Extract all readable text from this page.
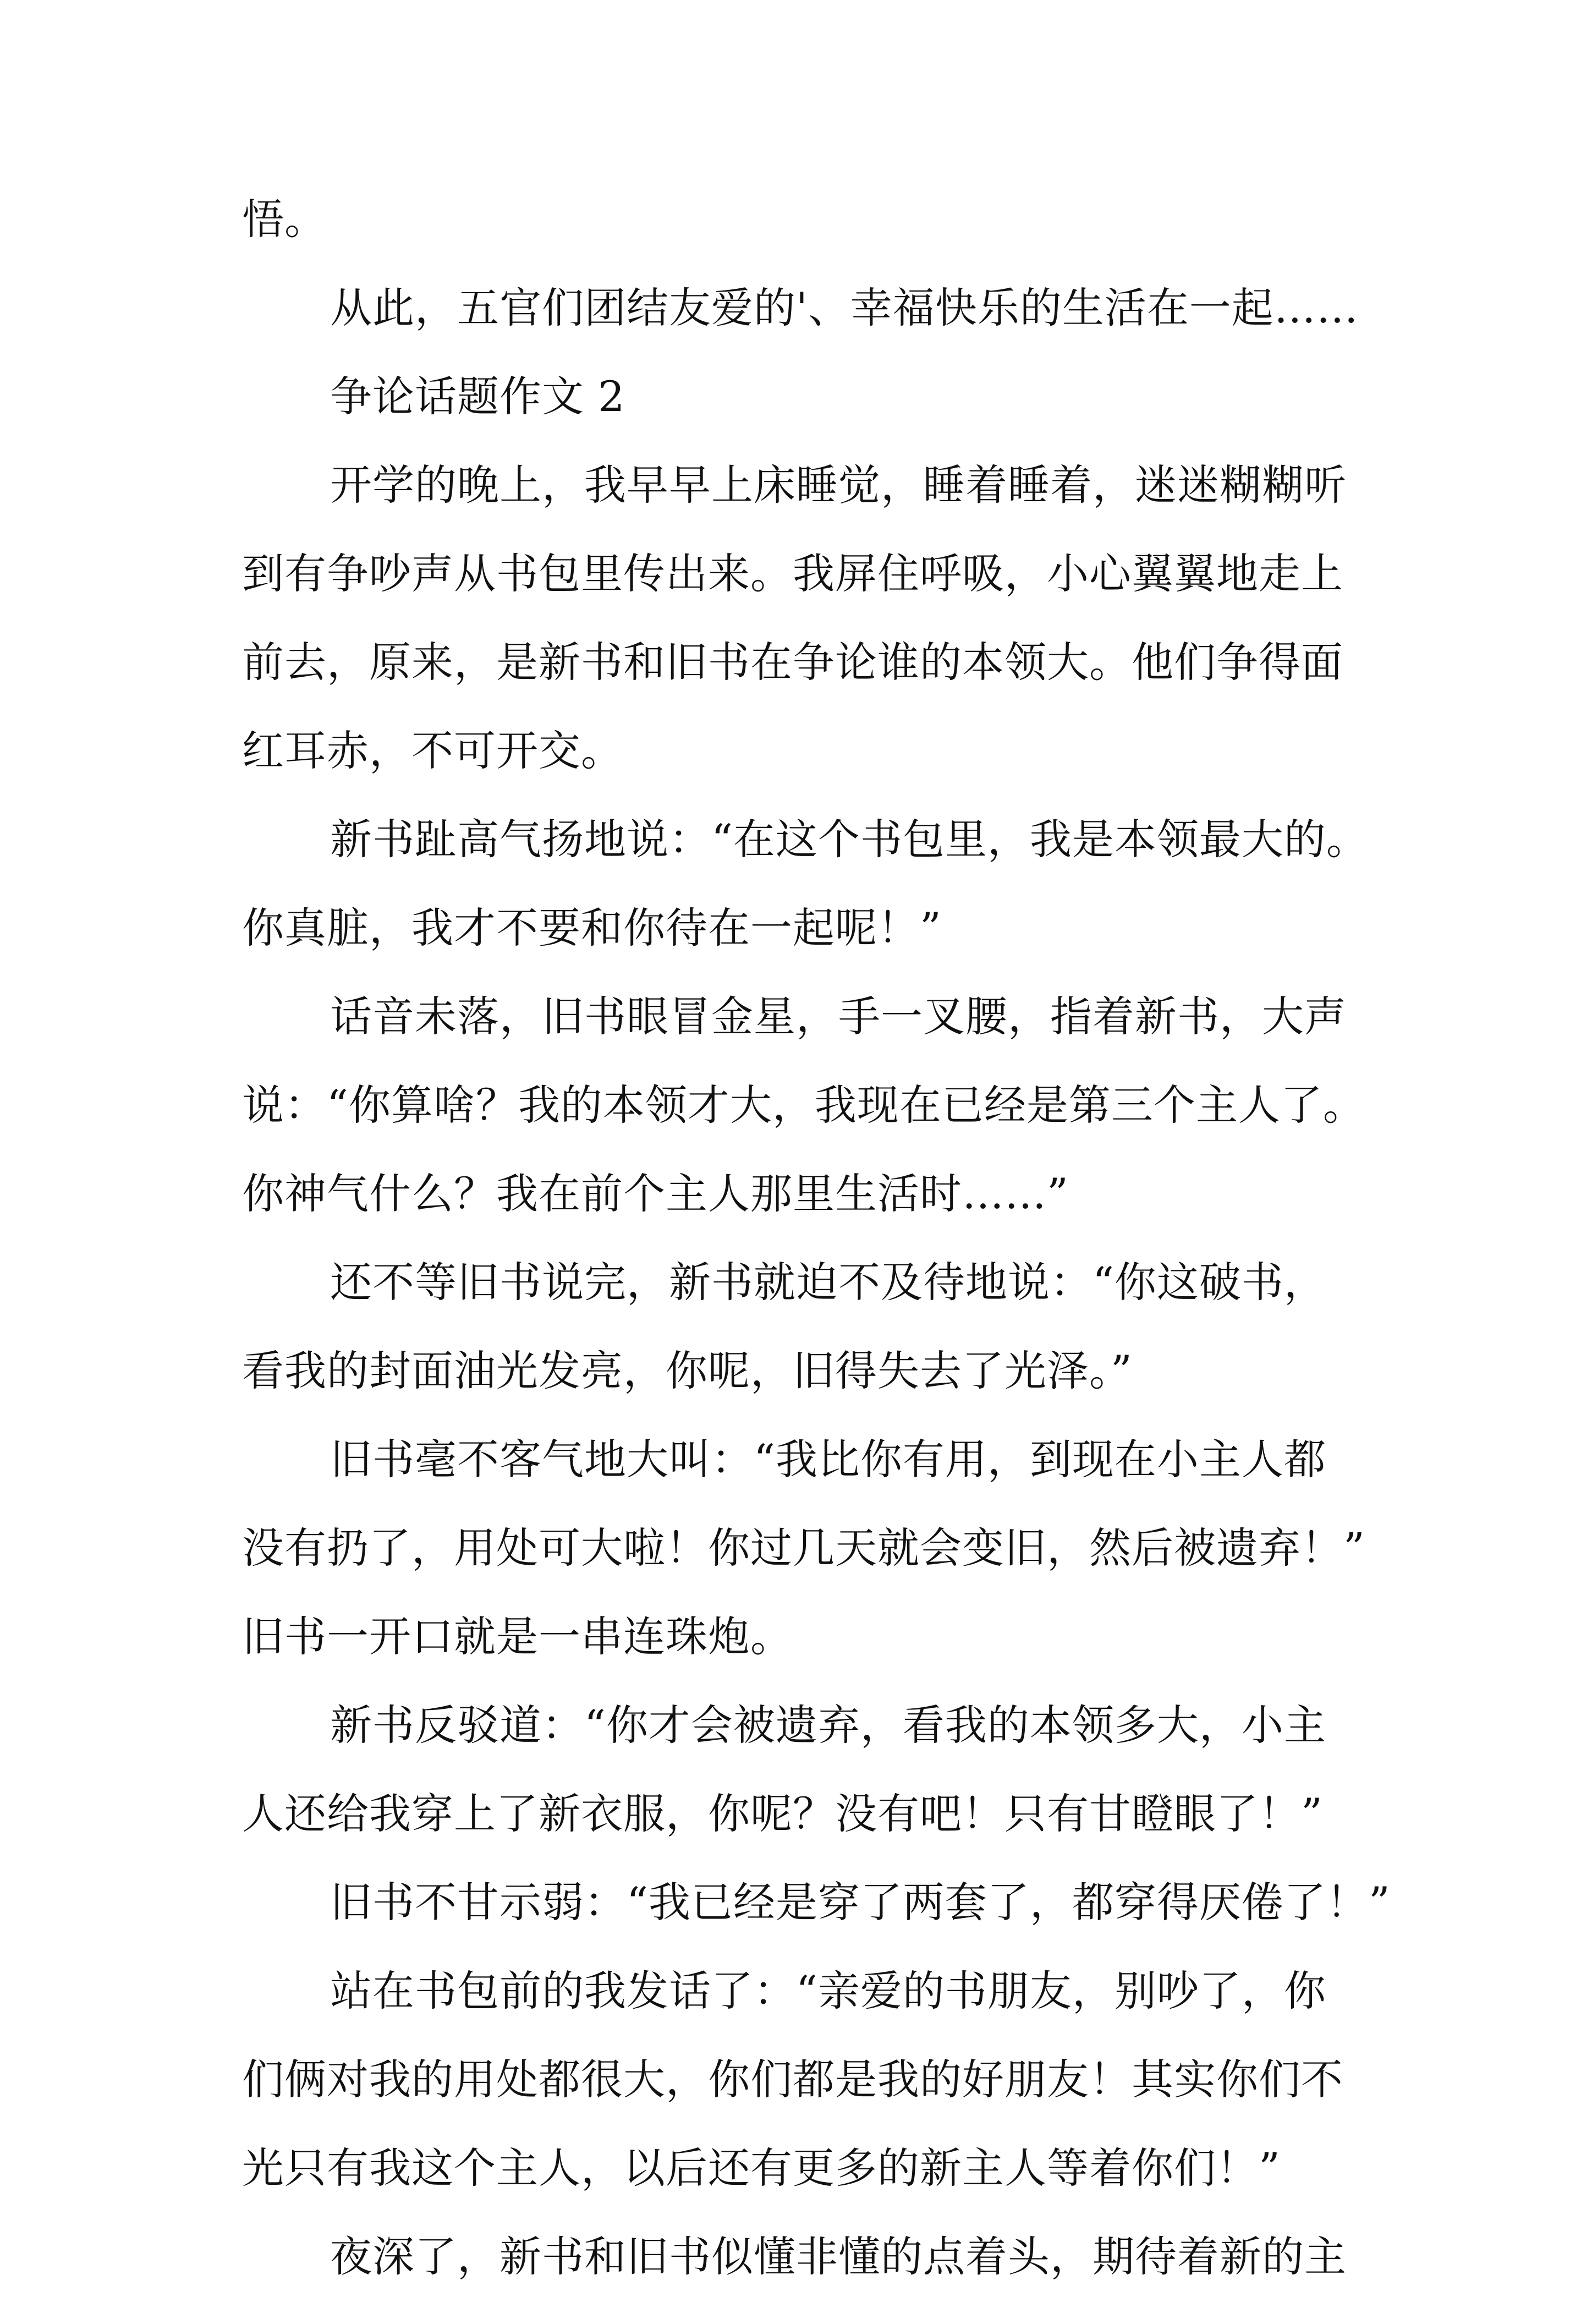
悟。
从此，五官们团结友爱的'、幸福快乐的生活在一起……
争论话题作文 2
开学的晚上，我早早上床睡觉，睡着睡着，迷迷糊糊听
到有争吵声从书包里传出来。我屏住呼吸，小心翼翼地走上
前去，原来，是新书和旧书在争论谁的本领大。他们争得面
红耳赤，不可开交。
新书趾高气扬地说：“在这个书包里，我是本领最大的。
你真脏，我才不要和你待在一起呢！”
话音未落，旧书眼冒金星，手一叉腰，指着新书，大声
说：“你算啥？我的本领才大，我现在已经是第三个主人了。
你神气什么？我在前个主人那里生活时……”
还不等旧书说完，新书就迫不及待地说：“你这破书，
看我的封面油光发亮，你呢，旧得失去了光泽。”
旧书毫不客气地大叫：“我比你有用，到现在小主人都
没有扔了，用处可大啦！你过几天就会变旧，然后被遗弃！”
旧书一开口就是一串连珠炮。
新书反驳道：“你才会被遗弃，看我的本领多大，小主
人还给我穿上了新衣服，你呢？没有吧！只有甘瞪眼了！”
旧书不甘示弱：“我已经是穿了两套了，都穿得厌倦了！”
站在书包前的我发话了：“亲爱的书朋友，别吵了，你
们俩对我的用处都很大，你们都是我的好朋友！其实你们不
光只有我这个主人，以后还有更多的新主人等着你们！”
夜深了，新书和旧书似懂非懂的点着头，期待着新的主
